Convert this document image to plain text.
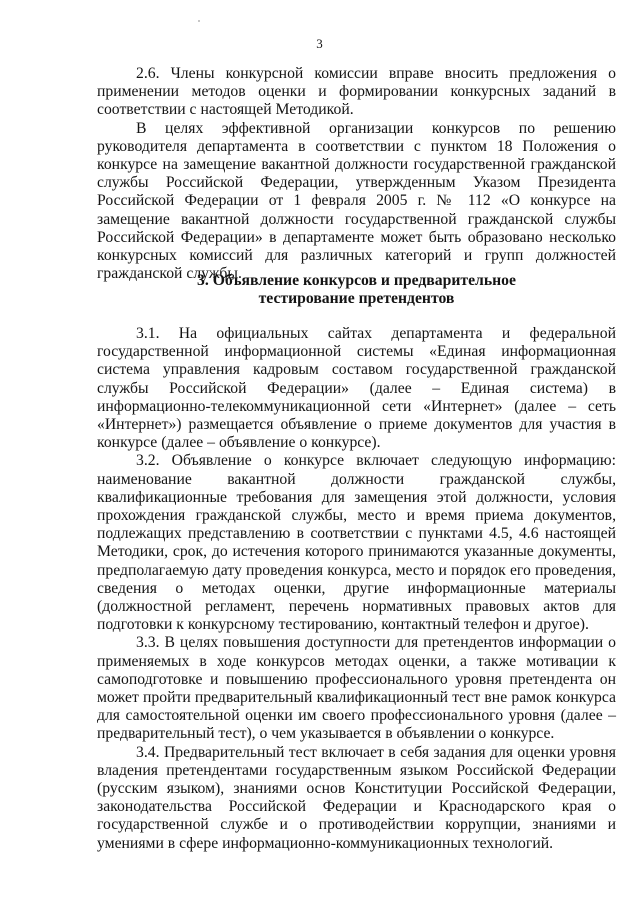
3

2.6. Члены конкурсной комиссии вправе вносить предложения о применении методов оценки и формировании конкурсных заданий в соответствии с настоящей Методикой.

В целях эффективной организации конкурсов по решению руководителя департамента в соответствии с пунктом 18 Положения о конкурсе на замещение вакантной должности государственной гражданской службы Российской Федерации, утвержденным Указом Президента Российской Федерации от 1 февраля 2005 г. № 112 «О конкурсе на замещение вакантной должности государственной гражданской службы Российской Федерации» в департаменте может быть образовано несколько конкурсных комиссий для различных категорий и групп должностей гражданской службы.

3. Объявление конкурсов и предварительное
тестирование претендентов

3.1. На официальных сайтах департамента и федеральной государственной информационной системы «Единая информационная система управления кадровым составом государственной гражданской службы Российской Федерации» (далее – Единая система) в информационно-телекоммуникационной сети «Интернет» (далее – сеть «Интернет») размещается объявление о приеме документов для участия в конкурсе (далее – объявление о конкурсе).

3.2. Объявление о конкурсе включает следующую информацию: наименование вакантной должности гражданской службы, квалификационные требования для замещения этой должности, условия прохождения гражданской службы, место и время приема документов, подлежащих представлению в соответствии с пунктами 4.5, 4.6 настоящей Методики, срок, до истечения которого принимаются указанные документы, предполагаемую дату проведения конкурса, место и порядок его проведения, сведения о методах оценки, другие информационные материалы (должностной регламент, перечень нормативных правовых актов для подготовки к конкурсному тестированию, контактный телефон и другое).

3.3. В целях повышения доступности для претендентов информации о применяемых в ходе конкурсов методах оценки, а также мотивации к самоподготовке и повышению профессионального уровня претендента он может пройти предварительный квалификационный тест вне рамок конкурса для самостоятельной оценки им своего профессионального уровня (далее – предварительный тест), о чем указывается в объявлении о конкурсе.

3.4. Предварительный тест включает в себя задания для оценки уровня владения претендентами государственным языком Российской Федерации (русским языком), знаниями основ Конституции Российской Федерации, законодательства Российской Федерации и Краснодарского края о государственной службе и о противодействии коррупции, знаниями и умениями в сфере информационно-коммуникационных технологий.
